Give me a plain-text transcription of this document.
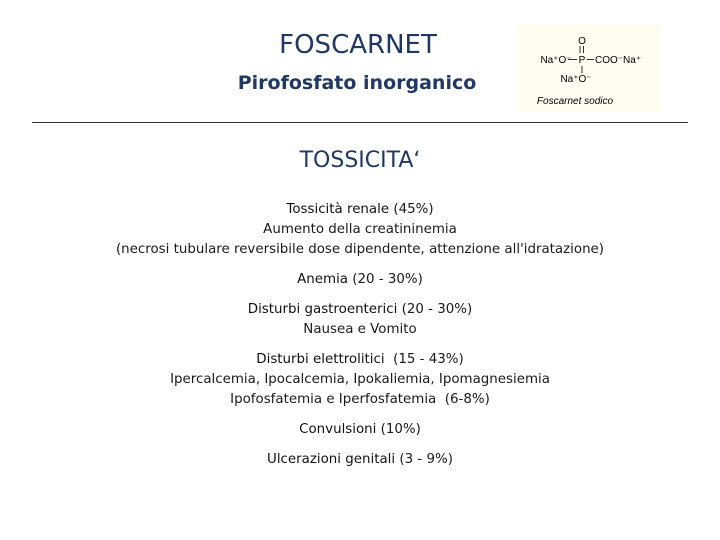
FOSCARNET
Pirofosfato inorganico
O
Na⁺O⁻ P COO⁻Na⁺
Na⁺O⁻
Foscarnet sodico
TOSSICITA‘
Tossicità renale (45%)
Aumento della creatininemia
(necrosi tubulare reversibile dose dipendente, attenzione all'idratazione)
Anemia (20 - 30%)
Disturbi gastroenterici (20 - 30%)
Nausea e Vomito
Disturbi elettrolitici  (15 - 43%)
Ipercalcemia, Ipocalcemia, Ipokaliemia, Ipomagnesiemia
Ipofosfatemia e Iperfosfatemia  (6-8%)
Convulsioni (10%)
Ulcerazioni genitali (3 - 9%)
